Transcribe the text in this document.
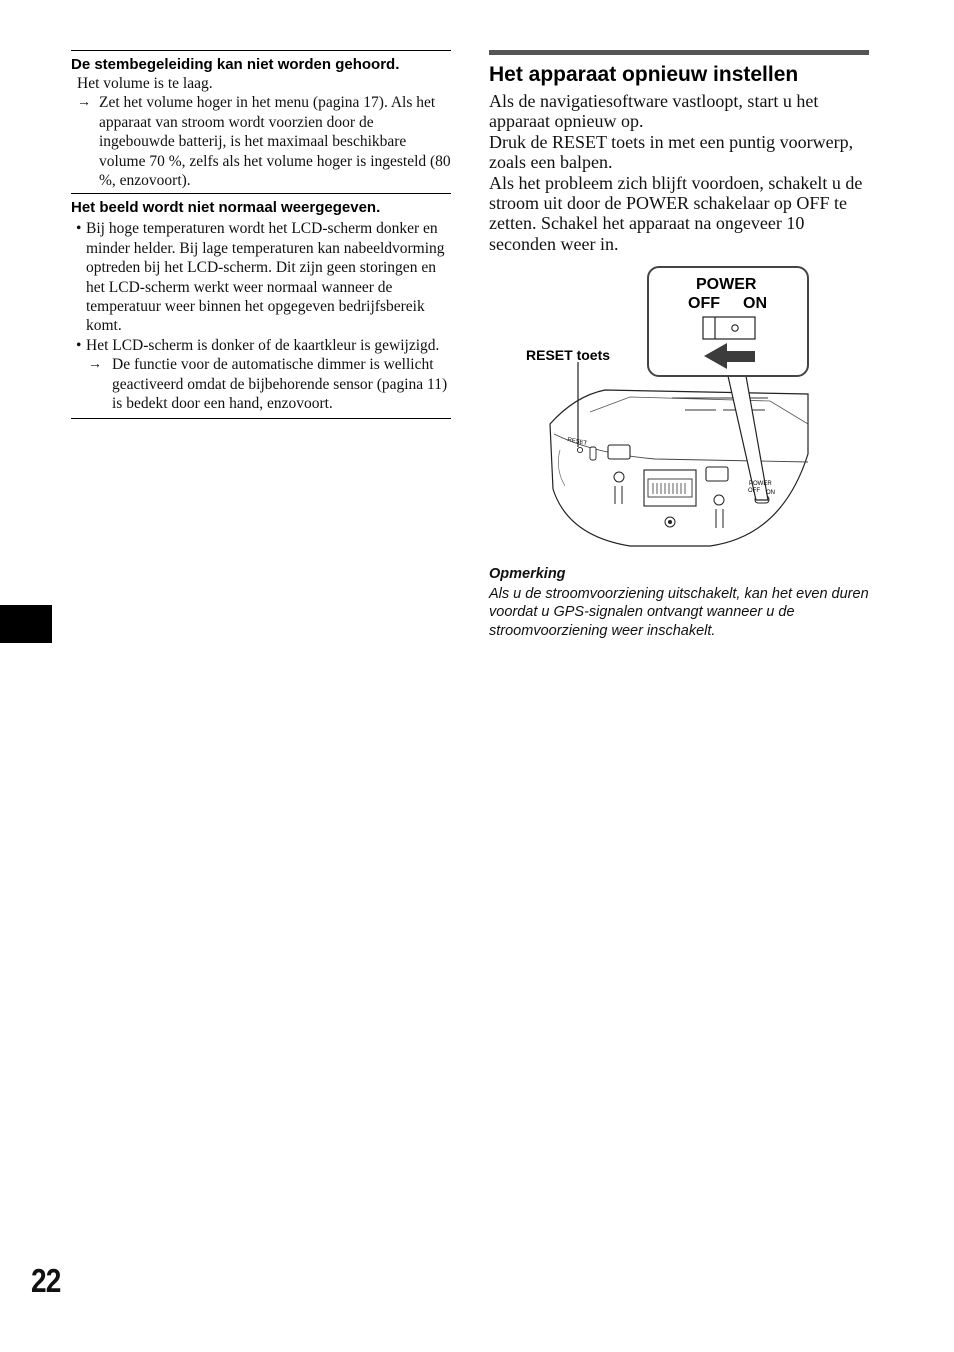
De stembegeleiding kan niet worden gehoord.
Het volume is te laag.
→ Zet het volume hoger in het menu (pagina 17). Als het apparaat van stroom wordt voorzien door de ingebouwde batterij, is het maximaal beschikbare volume 70 %, zelfs als het volume hoger is ingesteld (80 %, enzovoort).
Het beeld wordt niet normaal weergegeven.
• Bij hoge temperaturen wordt het LCD-scherm donker en minder helder. Bij lage temperaturen kan nabeeldvorming optreden bij het LCD-scherm. Dit zijn geen storingen en het LCD-scherm werkt weer normaal wanneer de temperatuur weer binnen het opgegeven bedrijfsbereik komt.
• Het LCD-scherm is donker of de kaartkleur is gewijzigd.
→ De functie voor de automatische dimmer is wellicht geactiveerd omdat de bijbehorende sensor (pagina 11) is bedekt door een hand, enzovoort.
Het apparaat opnieuw instellen

Als de navigatiesoftware vastloopt, start u het apparaat opnieuw op.

Druk de RESET toets in met een puntig voorwerp, zoals een balpen.

Als het probleem zich blijft voordoen, schakelt u de stroom uit door de POWER schakelaar op OFF te zetten. Schakel het apparaat na ongeveer 10 seconden weer in.

POWER
OFF ON
RESET toets
RESET
POWER
OFF ON
Opmerking
Als u de stroomvoorziening uitschakelt, kan het even duren voordat u GPS-signalen ontvangt wanneer u de stroomvoorziening weer inschakelt.
22
